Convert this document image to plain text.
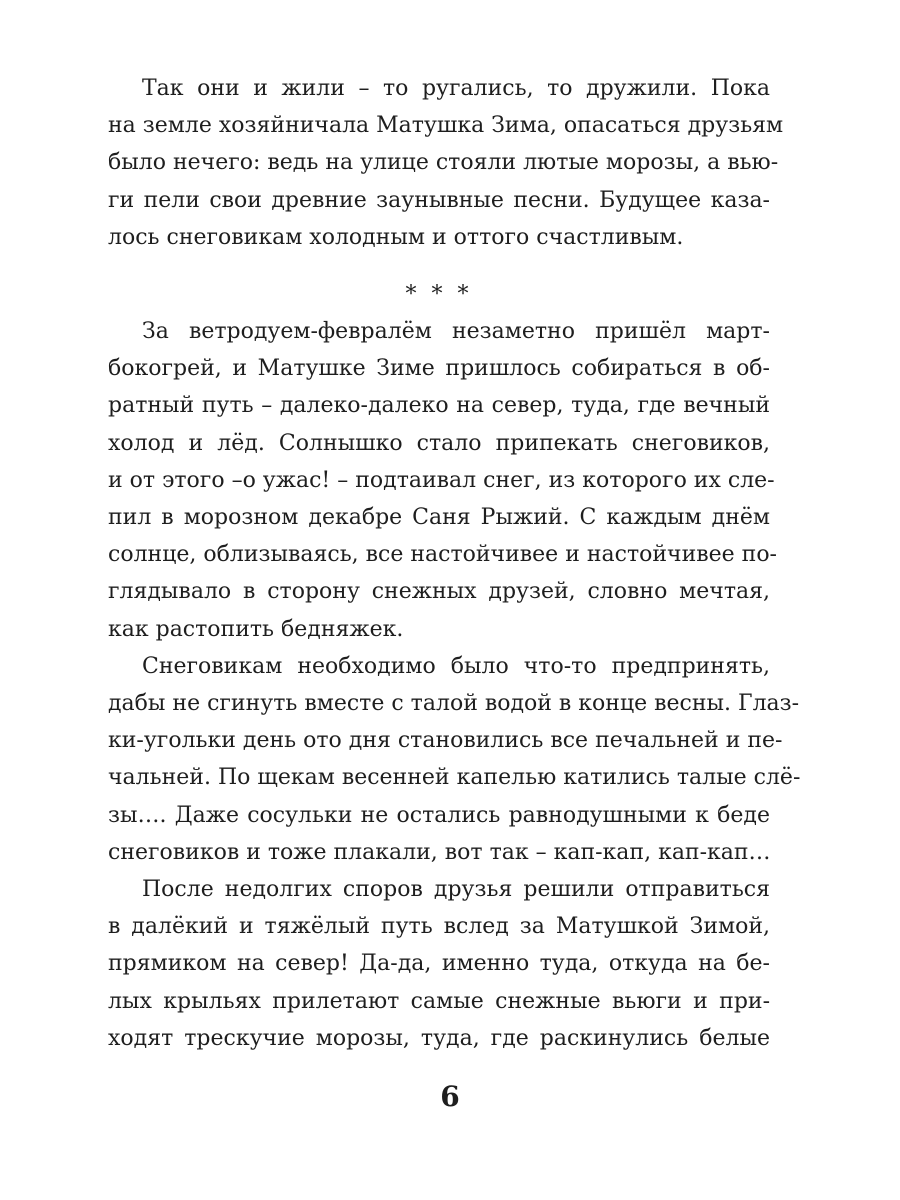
Так они и жили – то ругались, то дружили. Пока
на земле хозяйничала Матушка Зима, опасаться друзьям
было нечего: ведь на улице стояли лютые морозы, а вью-
ги пели свои древние заунывные песни. Будущее каза-
лось снеговикам холодным и оттого счастливым.

* * *

За ветродуем-февралём незаметно пришёл март-
бокогрей, и Матушке Зиме пришлось собираться в об-
ратный путь – далеко-далеко на север, туда, где вечный
холод и лёд. Солнышко стало припекать снеговиков,
и от этого –о ужас! – подтаивал снег, из которого их сле-
пил в морозном декабре Саня Рыжий. С каждым днём
солнце, облизываясь, все настойчивее и настойчивее по-
глядывало в сторону снежных друзей, словно мечтая,
как растопить бедняжек.

Снеговикам необходимо было что-то предпринять,
дабы не сгинуть вместе с талой водой в конце весны. Глаз-
ки-угольки день ото дня становились все печальней и пе-
чальней. По щекам весенней капелью катились талые слё-
зы…. Даже сосульки не остались равнодушными к беде
снеговиков и тоже плакали, вот так – кап-кап, кап-кап…

После недолгих споров друзья решили отправиться
в далёкий и тяжёлый путь вслед за Матушкой Зимой,
прямиком на север! Да-да, именно туда, откуда на бе-
лых крыльях прилетают самые снежные вьюги и при-
ходят трескучие морозы, туда, где раскинулись белые

6
